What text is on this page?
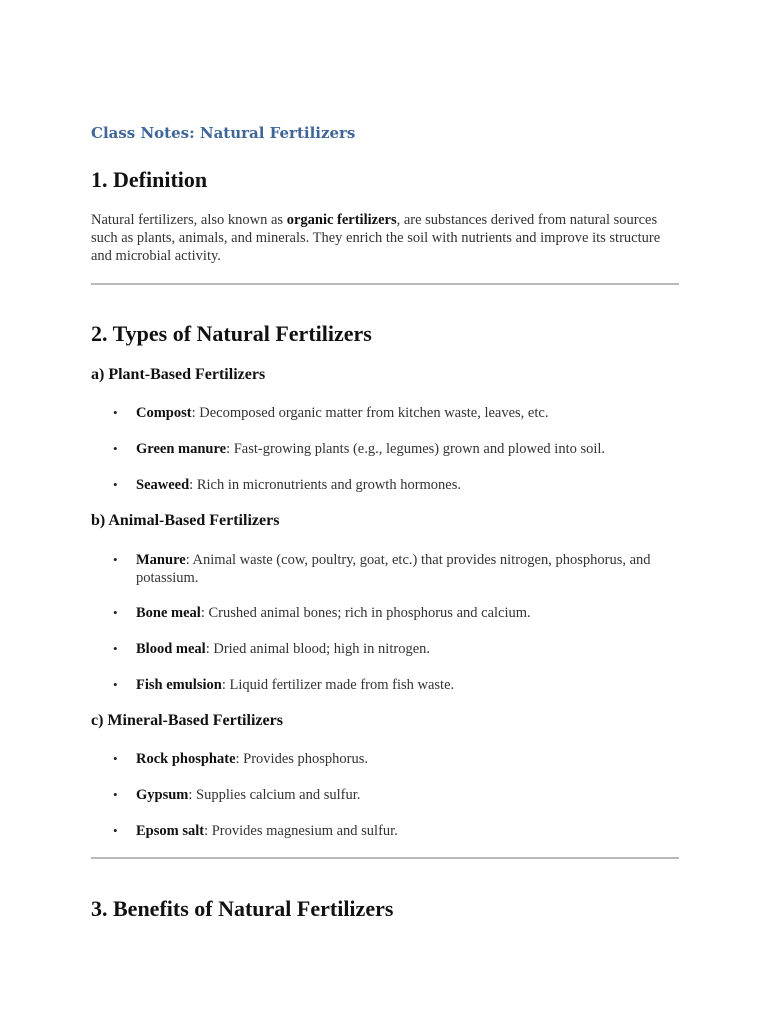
Class Notes: Natural Fertilizers
1. Definition

Natural fertilizers, also known as organic fertilizers, are substances derived from natural sources such as plants, animals, and minerals. They enrich the soil with nutrients and improve its structure and microbial activity.

2. Types of Natural Fertilizers
a) Plant-Based Fertilizers
• Compost: Decomposed organic matter from kitchen waste, leaves, etc.
• Green manure: Fast-growing plants (e.g., legumes) grown and plowed into soil.
• Seaweed: Rich in micronutrients and growth hormones.
b) Animal-Based Fertilizers
• Manure: Animal waste (cow, poultry, goat, etc.) that provides nitrogen, phosphorus, and potassium.
• Bone meal: Crushed animal bones; rich in phosphorus and calcium.
• Blood meal: Dried animal blood; high in nitrogen.
• Fish emulsion: Liquid fertilizer made from fish waste.
c) Mineral-Based Fertilizers
• Rock phosphate: Provides phosphorus.
• Gypsum: Supplies calcium and sulfur.
• Epsom salt: Provides magnesium and sulfur.
3. Benefits of Natural Fertilizers
